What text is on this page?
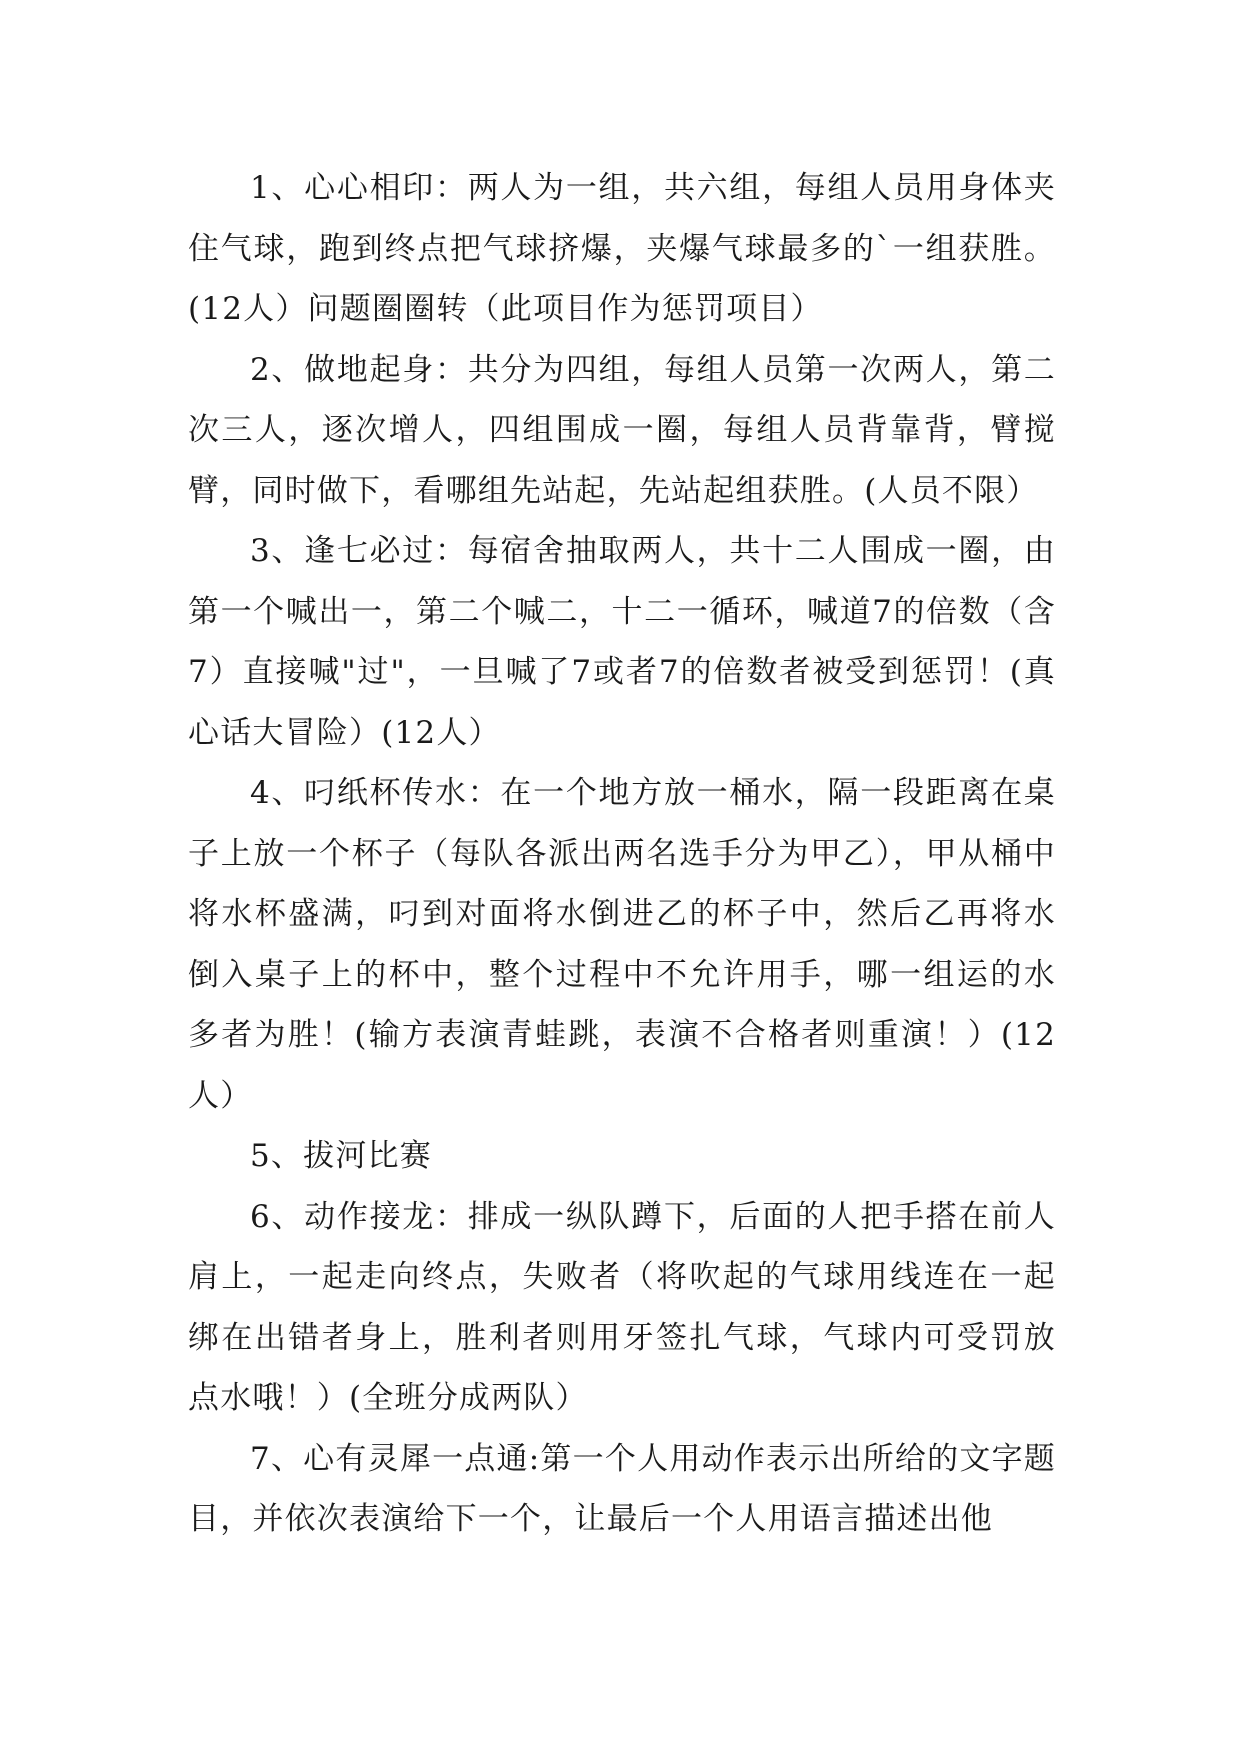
1、心心相印：两人为一组，共六组，每组人员用身体夹住气球，跑到终点把气球挤爆，夹爆气球最多的`一组获胜。(12人）问题圈圈转（此项目作为惩罚项目）

2、做地起身：共分为四组，每组人员第一次两人，第二次三人，逐次增人，四组围成一圈，每组人员背靠背，臂搅臂，同时做下，看哪组先站起，先站起组获胜。(人员不限）

3、逢七必过：每宿舍抽取两人，共十二人围成一圈，由第一个喊出一，第二个喊二，十二一循环，喊道7的倍数（含7）直接喊"过"，一旦喊了7或者7的倍数者被受到惩罚！(真心话大冒险）(12人）

4、叼纸杯传水：在一个地方放一桶水，隔一段距离在桌子上放一个杯子（每队各派出两名选手分为甲乙），甲从桶中将水杯盛满，叼到对面将水倒进乙的杯子中，然后乙再将水倒入桌子上的杯中，整个过程中不允许用手，哪一组运的水多者为胜！(输方表演青蛙跳，表演不合格者则重演！）(12人）

5、拔河比赛

6、动作接龙：排成一纵队蹲下，后面的人把手搭在前人肩上，一起走向终点，失败者（将吹起的气球用线连在一起绑在出错者身上，胜利者则用牙签扎气球，气球内可受罚放点水哦！）(全班分成两队）

7、心有灵犀一点通:第一个人用动作表示出所给的文字题目，并依次表演给下一个，让最后一个人用语言描述出他
